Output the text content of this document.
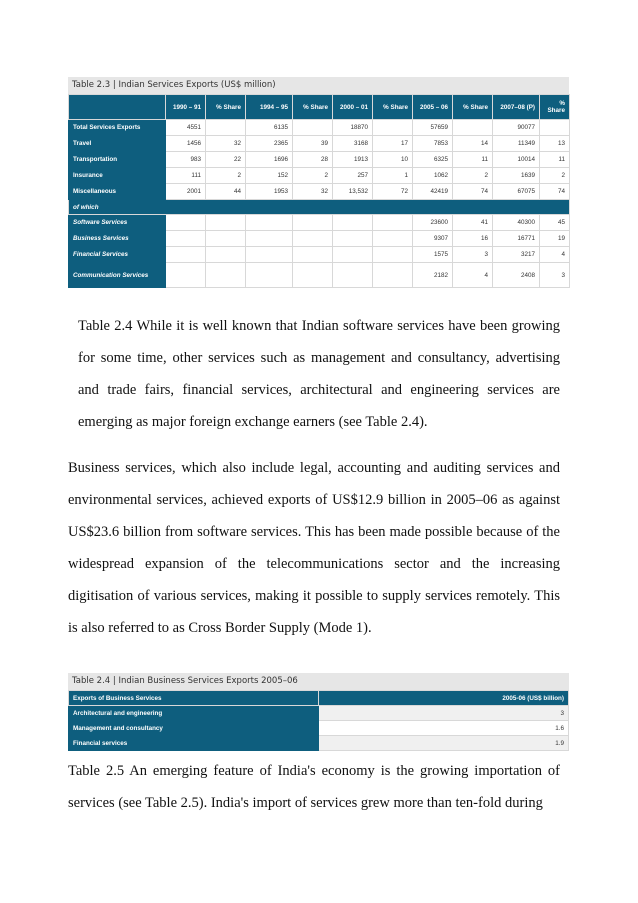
Table 2.3 | Indian Services Exports (US$ million)
	1990 – 91	% Share	1994 – 95	% Share	2000 – 01	% Share	2005 – 06	% Share	2007–08 (P)	% Share
Total Services Exports	4551		6135		18870		57659		90077	
Travel	1456	32	2365	39	3168	17	7853	14	11349	13
Transportation	983	22	1696	28	1913	10	6325	11	10014	11
Insurance	111	2	152	2	257	1	1062	2	1639	2
Miscellaneous	2001	44	1953	32	13,532	72	42419	74	67075	74
of which										
Software Services							23600	41	40300	45
Business Services							9307	16	16771	19
Financial Services							1575	3	3217	4
Communication Services							2182	4	2408	3

Table 2.4 While it is well known that Indian software services have been growing for some time, other services such as management and consultancy, advertising and trade fairs, financial services, architectural and engineering services are emerging as major foreign exchange earners (see Table 2.4).

Business services, which also include legal, accounting and auditing services and environmental services, achieved exports of US$12.9 billion in 2005–06 as against US$23.6 billion from software services. This has been made possible because of the widespread expansion of the telecommunications sector and the increasing digitisation of various services, making it possible to supply services remotely. This is also referred to as Cross Border Supply (Mode 1).

Table 2.4 | Indian Business Services Exports 2005–06
Exports of Business Services	2005-06 (US$ billion)
Architectural and engineering	3
Management and consultancy	1.6
Financial services	1.9

Table 2.5 An emerging feature of India's economy is the growing importation of services (see Table 2.5). India's import of services grew more than ten-fold during
